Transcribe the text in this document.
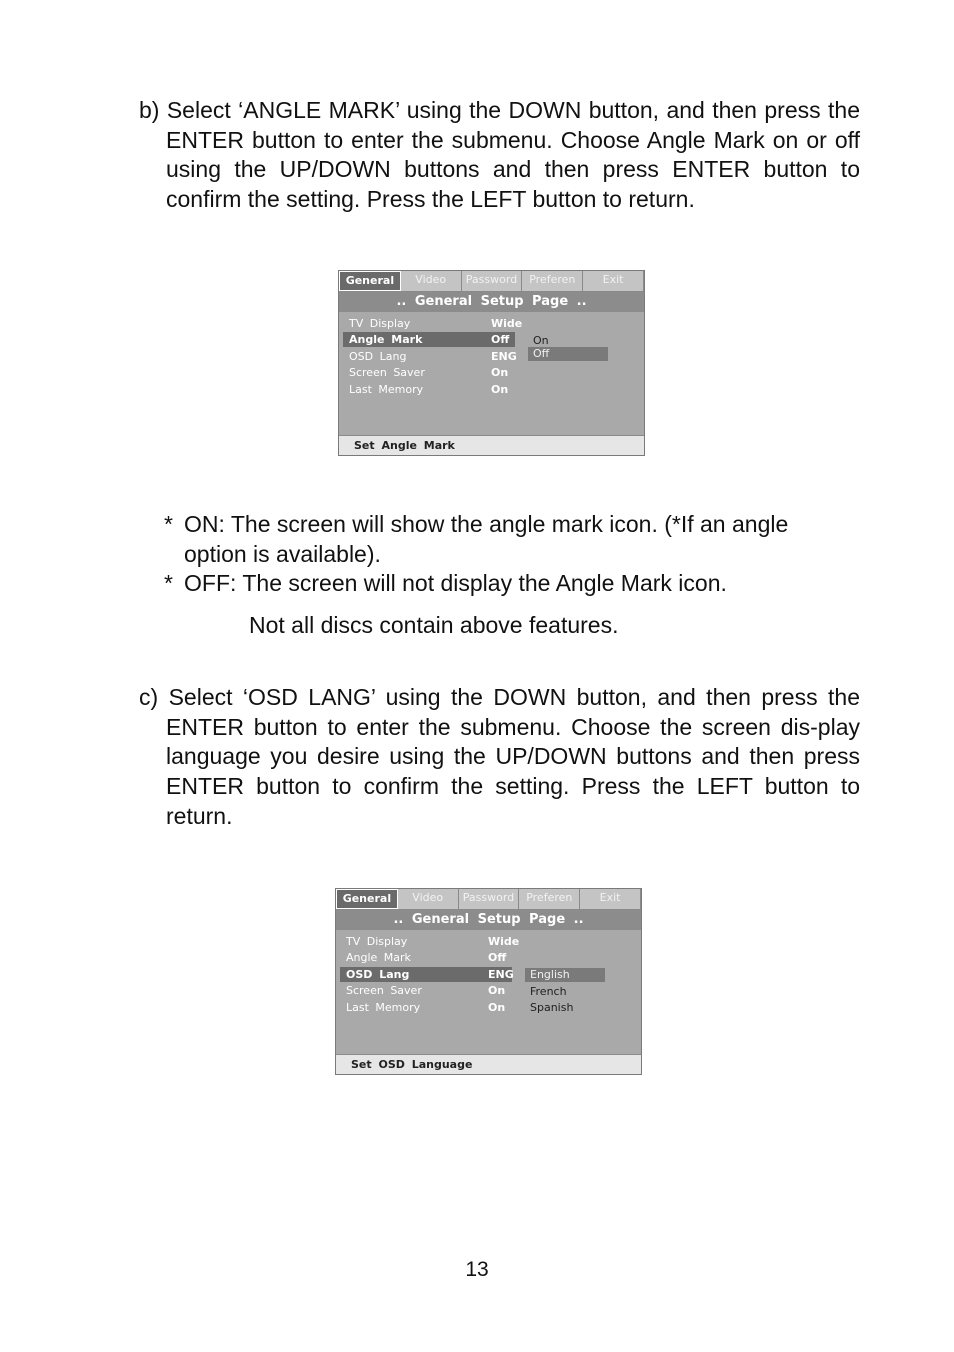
b) Select ‘ANGLE MARK’ using the DOWN button, and then press the ENTER button to enter the submenu. Choose Angle Mark on or off using the UP/DOWN buttons and then press ENTER button to confirm the setting. Press the LEFT button to return.
General	Video	Password	Preferen	Exit
.. General Setup Page ..
TV Display	Wide
Angle Mark	Off
OSD Lang	ENG
Screen Saver	On
Last Memory	On
On
Off
Set Angle Mark
* ON: The screen will show the angle mark icon. (*If an angle
option is available).
* OFF: The screen will not display the Angle Mark icon.
Not all discs contain above features.
c) Select ‘OSD LANG’ using the DOWN button, and then press the ENTER button to enter the submenu. Choose the screen dis-play language you desire using the UP/DOWN buttons and then press ENTER button to confirm the setting. Press the LEFT button to return.
General	Video	Password	Preferen	Exit
.. General Setup Page ..
TV Display	Wide
Angle Mark	Off
OSD Lang	ENG
Screen Saver	On
Last Memory	On
English
French
Spanish
Set OSD Language
13
